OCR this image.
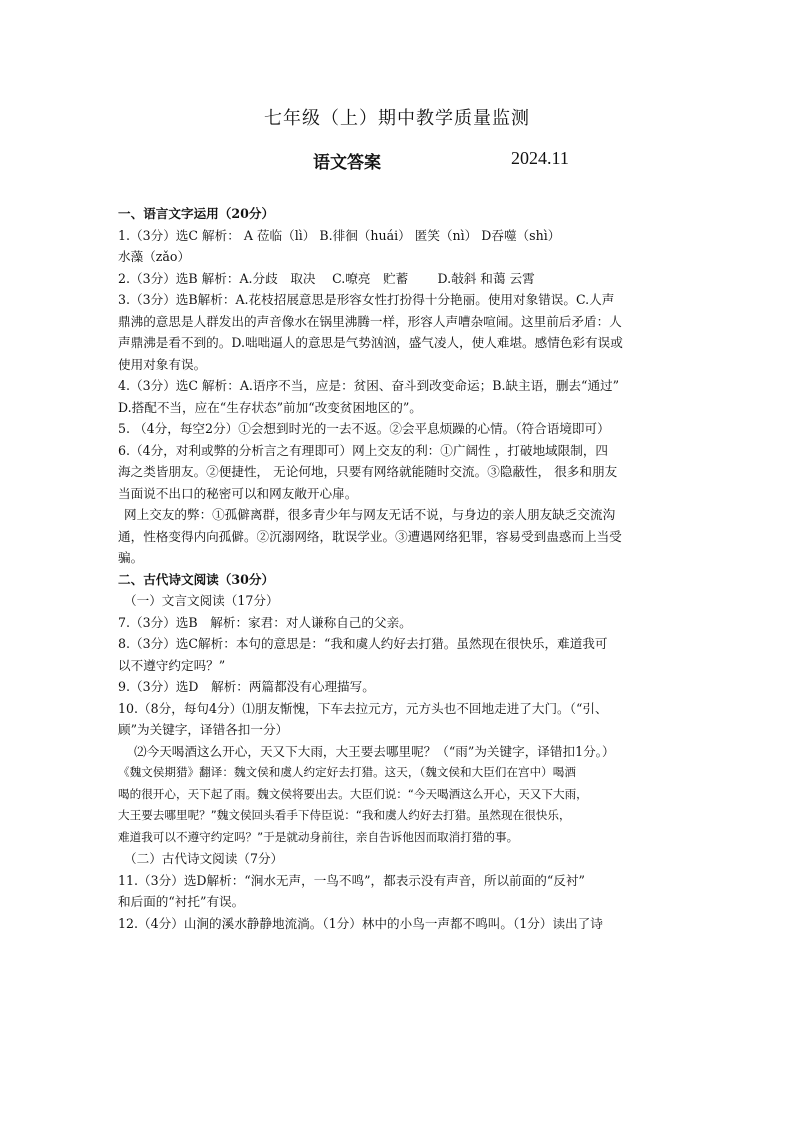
七年级（上）期中教学质量监测
语文答案	2024.11

一、语言文字运用（20分）

1.（3分）选C 解析： A 莅临（lì） B.徘徊（huái） 匿笑（nì） D吞噬（shì）

水藻（zǎo）

2.（3分）选B 解析：A.分歧　取决　 C.嘹亮　贮蓄　　 D.敧斜 和蔼 云霄

3.（3分）选B解析：A.花枝招展意思是形容女性打扮得十分艳丽。使用对象错误。C.人声

鼎沸的意思是人群发出的声音像水在锅里沸腾一样，形容人声嘈杂喧闹。这里前后矛盾：人

声鼎沸是看不到的。D.咄咄逼人的意思是气势汹汹，盛气凌人，使人难堪。感情色彩有误或

使用对象有误。

4.（3分）选C 解析：A.语序不当，应是：贫困、奋斗到改变命运；B.缺主语，删去“通过”

D.搭配不当，应在“生存状态”前加“改变贫困地区的”。

5. （4分，每空2分）①会想到时光的一去不返。②会平息烦躁的心情。（符合语境即可）

6.（4分，对利或弊的分析言之有理即可）网上交友的利：①广阔性 ，打破地域限制，四

海之类皆朋友。②便捷性， 无论何地，只要有网络就能随时交流。③隐蔽性， 很多和朋友

当面说不出口的秘密可以和网友敞开心扉。

网上交友的弊：①孤僻离群，很多青少年与网友无话不说，与身边的亲人朋友缺乏交流沟

通，性格变得内向孤僻。②沉溺网络，耽误学业。③遭遇网络犯罪，容易受到蛊惑而上当受

骗。

二、古代诗文阅读（30分）

（一）文言文阅读（17分）

7.（3分）选B　解析：家君：对人谦称自己的父亲。

8.（3分）选C解析：本句的意思是：“我和虞人约好去打猎。虽然现在很快乐，难道我可

以不遵守约定吗？”

9.（3分）选D　解析：两篇都没有心理描写。

10.（8分，每句4分）⑴朋友惭愧，下车去拉元方，元方头也不回地走进了大门。（“引、

顾”为关键字，译错各扣一分）

⑵今天喝酒这么开心，天又下大雨，大王要去哪里呢？（“雨”为关键字，译错扣1分。）

《魏文侯期猎》翻译：魏文侯和虞人约定好去打猎。这天，（魏文侯和大臣们在宫中）喝酒

喝的很开心，天下起了雨。魏文侯将要出去。大臣们说：“今天喝酒这么开心，天又下大雨，

大王要去哪里呢？”魏文侯回头看手下侍臣说：“我和虞人约好去打猎。虽然现在很快乐，

难道我可以不遵守约定吗？”于是就动身前往，亲自告诉他因而取消打猎的事。

（二）古代诗文阅读（7分）

11.（3分）选D解析：“涧水无声，一鸟不鸣”，都表示没有声音，所以前面的“反衬”

和后面的“衬托”有误。

12.（4分）山涧的溪水静静地流淌。（1分）林中的小鸟一声都不鸣叫。（1分）读出了诗
